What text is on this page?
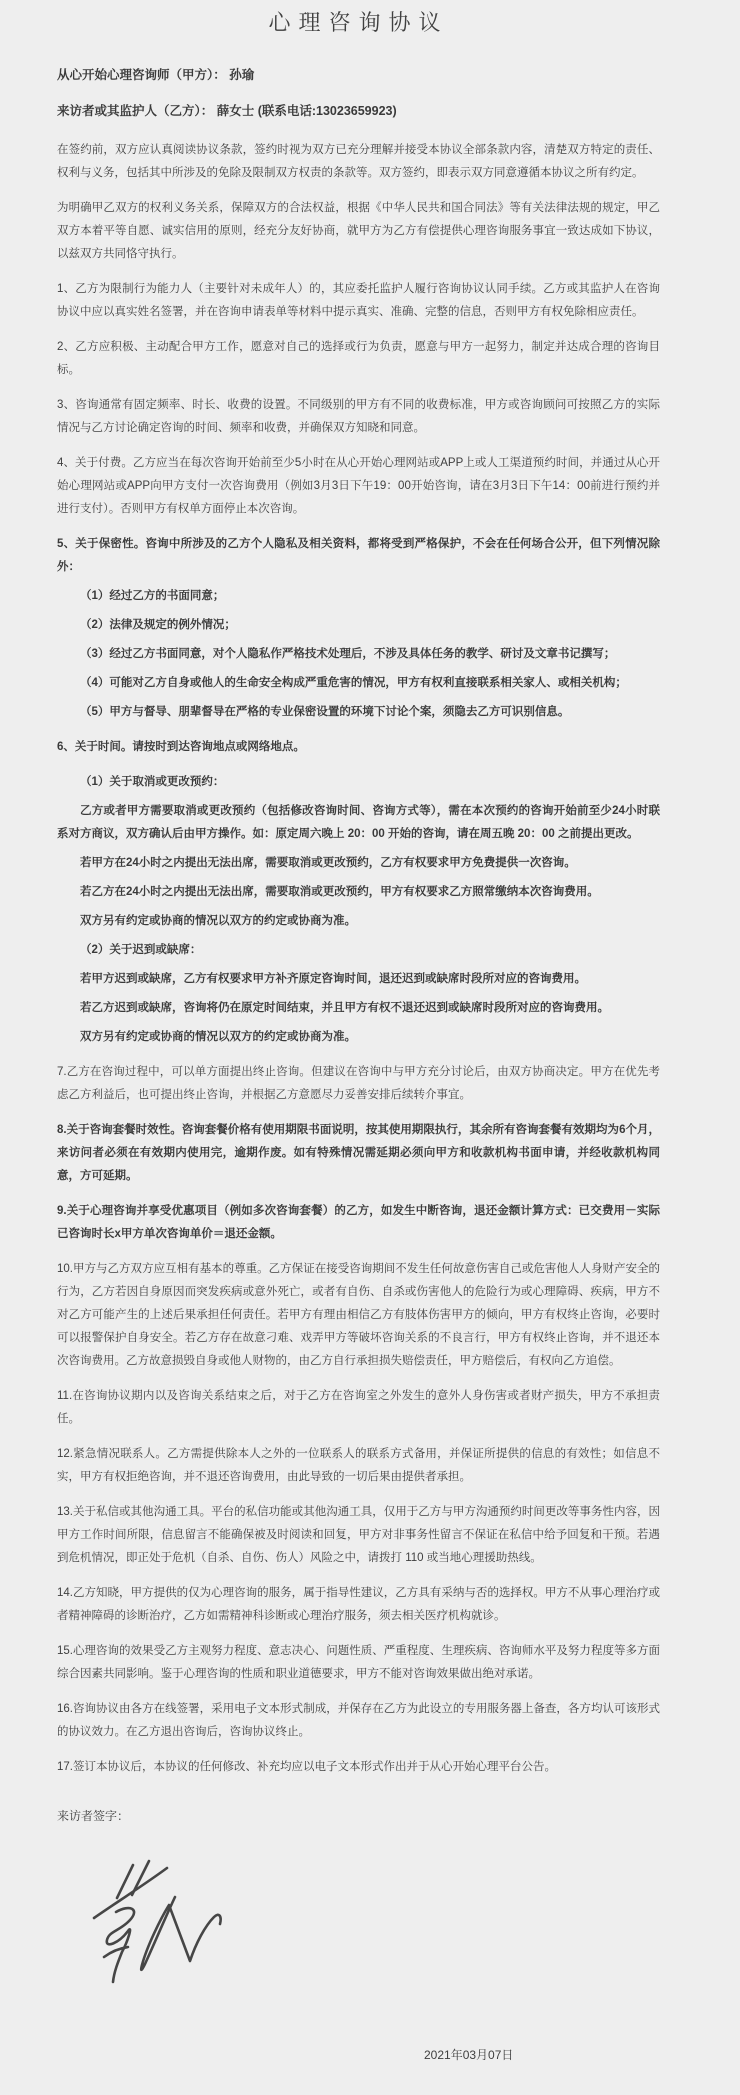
心理咨询协议

从心开始心理咨询师（甲方）： 孙瑜

来访者或其监护人（乙方）： 薛女士 (联系电话:13023659923)

在签约前，双方应认真阅读协议条款，签约时视为双方已充分理解并接受本协议全部条款内容，清楚双方特定的责任、权利与义务，包括其中所涉及的免除及限制双方权责的条款等。双方签约，即表示双方同意遵循本协议之所有约定。

为明确甲乙双方的权利义务关系，保障双方的合法权益，根据《中华人民共和国合同法》等有关法律法规的规定，甲乙双方本着平等自愿、诚实信用的原则，经充分友好协商，就甲方为乙方有偿提供心理咨询服务事宜一致达成如下协议，以兹双方共同恪守执行。

1、乙方为限制行为能力人（主要针对未成年人）的，其应委托监护人履行咨询协议认同手续。乙方或其监护人在咨询协议中应以真实姓名签署，并在咨询申请表单等材料中提示真实、准确、完整的信息，否则甲方有权免除相应责任。

2、乙方应积极、主动配合甲方工作，愿意对自己的选择或行为负责，愿意与甲方一起努力，制定并达成合理的咨询目标。

3、咨询通常有固定频率、时长、收费的设置。不同级别的甲方有不同的收费标准，甲方或咨询顾问可按照乙方的实际情况与乙方讨论确定咨询的时间、频率和收费，并确保双方知晓和同意。

4、关于付费。乙方应当在每次咨询开始前至少5小时在从心开始心理网站或APP上或人工渠道预约时间，并通过从心开始心理网站或APP向甲方支付一次咨询费用（例如3月3日下午19：00开始咨询，请在3月3日下午14：00前进行预约并进行支付）。否则甲方有权单方面停止本次咨询。

5、关于保密性。咨询中所涉及的乙方个人隐私及相关资料，都将受到严格保护，不会在任何场合公开，但下列情况除外：

（1）经过乙方的书面同意；

（2）法律及规定的例外情况；

（3）经过乙方书面同意，对个人隐私作严格技术处理后，不涉及具体任务的教学、研讨及文章书记撰写；

（4）可能对乙方自身或他人的生命安全构成严重危害的情况，甲方有权利直接联系相关家人、或相关机构；

（5）甲方与督导、朋辈督导在严格的专业保密设置的环境下讨论个案，须隐去乙方可识别信息。

6、关于时间。请按时到达咨询地点或网络地点。

（1）关于取消或更改预约：

乙方或者甲方需要取消或更改预约（包括修改咨询时间、咨询方式等），需在本次预约的咨询开始前至少24小时联系对方商议，双方确认后由甲方操作。如：原定周六晚上 20：00 开始的咨询，请在周五晚 20：00 之前提出更改。

若甲方在24小时之内提出无法出席，需要取消或更改预约，乙方有权要求甲方免费提供一次咨询。

若乙方在24小时之内提出无法出席，需要取消或更改预约，甲方有权要求乙方照常缴纳本次咨询费用。

双方另有约定或协商的情况以双方的约定或协商为准。

（2）关于迟到或缺席：

若甲方迟到或缺席，乙方有权要求甲方补齐原定咨询时间，退还迟到或缺席时段所对应的咨询费用。

若乙方迟到或缺席，咨询将仍在原定时间结束，并且甲方有权不退还迟到或缺席时段所对应的咨询费用。

双方另有约定或协商的情况以双方的约定或协商为准。

7.乙方在咨询过程中，可以单方面提出终止咨询。但建议在咨询中与甲方充分讨论后，由双方协商决定。甲方在优先考虑乙方利益后，也可提出终止咨询，并根据乙方意愿尽力妥善安排后续转介事宜。

8.关于咨询套餐时效性。咨询套餐价格有使用期限书面说明，按其使用期限执行，其余所有咨询套餐有效期均为6个月，来访问者必须在有效期内使用完，逾期作废。如有特殊情况需延期必须向甲方和收款机构书面申请，并经收款机构同意，方可延期。

9.关于心理咨询并享受优惠项目（例如多次咨询套餐）的乙方，如发生中断咨询，退还金额计算方式：已交费用－实际已咨询时长x甲方单次咨询单价＝退还金额。

10.甲方与乙方双方应互相有基本的尊重。乙方保证在接受咨询期间不发生任何故意伤害自己或危害他人人身财产安全的行为，乙方若因自身原因而突发疾病或意外死亡，或者有自伤、自杀或伤害他人的危险行为或心理障碍、疾病，甲方不对乙方可能产生的上述后果承担任何责任。若甲方有理由相信乙方有肢体伤害甲方的倾向，甲方有权终止咨询，必要时可以报警保护自身安全。若乙方存在故意刁难、戏弄甲方等破坏咨询关系的不良言行，甲方有权终止咨询，并不退还本次咨询费用。乙方故意损毁自身或他人财物的，由乙方自行承担损失赔偿责任，甲方赔偿后，有权向乙方追偿。

11.在咨询协议期内以及咨询关系结束之后，对于乙方在咨询室之外发生的意外人身伤害或者财产损失，甲方不承担责任。

12.紧急情况联系人。乙方需提供除本人之外的一位联系人的联系方式备用，并保证所提供的信息的有效性；如信息不实，甲方有权拒绝咨询，并不退还咨询费用，由此导致的一切后果由提供者承担。

13.关于私信或其他沟通工具。平台的私信功能或其他沟通工具，仅用于乙方与甲方沟通预约时间更改等事务性内容，因甲方工作时间所限，信息留言不能确保被及时阅读和回复，甲方对非事务性留言不保证在私信中给予回复和干预。若遇到危机情况，即正处于危机（自杀、自伤、伤人）风险之中，请拨打 110 或当地心理援助热线。

14.乙方知晓，甲方提供的仅为心理咨询的服务，属于指导性建议，乙方具有采纳与否的选择权。甲方不从事心理治疗或者精神障碍的诊断治疗，乙方如需精神科诊断或心理治疗服务，须去相关医疗机构就诊。

15.心理咨询的效果受乙方主观努力程度、意志决心、问题性质、严重程度、生理疾病、咨询师水平及努力程度等多方面综合因素共同影响。鉴于心理咨询的性质和职业道德要求，甲方不能对咨询效果做出绝对承诺。

16.咨询协议由各方在线签署，采用电子文本形式制成，并保存在乙方为此设立的专用服务器上备查，各方均认可该形式的协议效力。在乙方退出咨询后，咨询协议终止。

17.签订本协议后，本协议的任何修改、补充均应以电子文本形式作出并于从心开始心理平台公告。

来访者签字：

2021年03月07日
